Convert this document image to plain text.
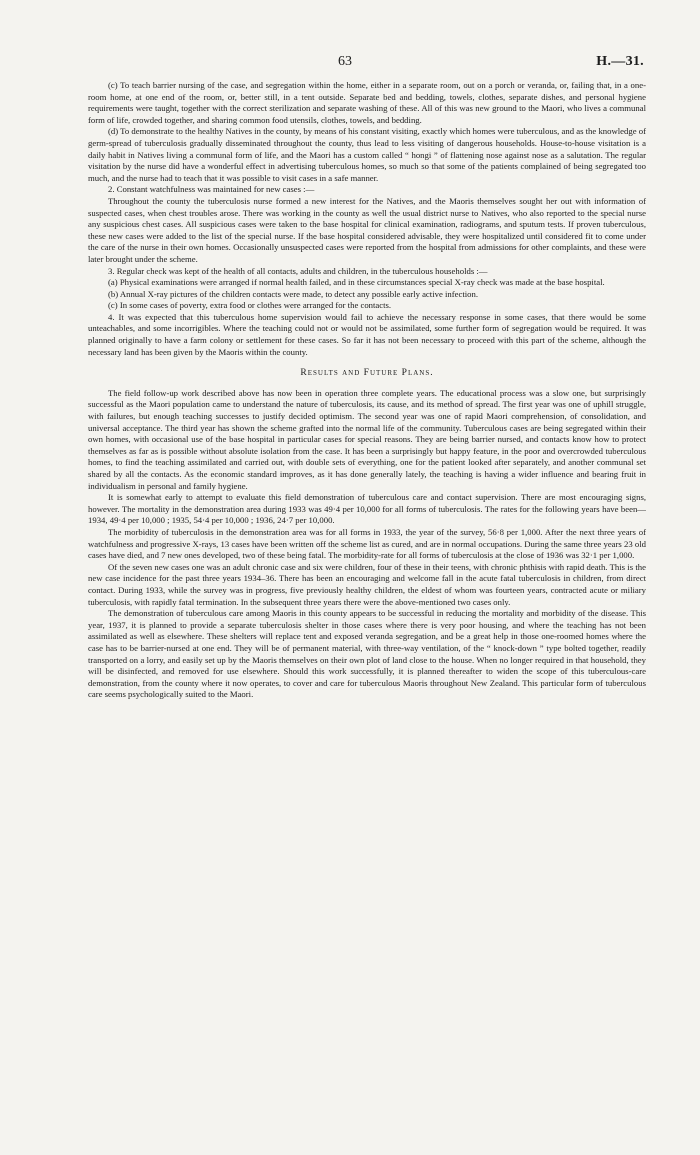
63	H.—31.

(c) To teach barrier nursing of the case, and segregation within the home, either in a separate room, out on a porch or veranda, or, failing that, in a one-room home, at one end of the room, or, better still, in a tent outside. Separate bed and bedding, towels, clothes, separate dishes, and personal hygiene requirements were taught, together with the correct sterilization and separate washing of these. All of this was new ground to the Maori, who lives a communal form of life, crowded together, and sharing common food utensils, clothes, towels, and bedding.

(d) To demonstrate to the healthy Natives in the county, by means of his constant visiting, exactly which homes were tuberculous, and as the knowledge of germ-spread of tuberculosis gradually disseminated throughout the county, thus lead to less visiting of dangerous households. House-to-house visitation is a daily habit in Natives living a communal form of life, and the Maori has a custom called “ hongi ” of flattening nose against nose as a salutation. The regular visitation by the nurse did have a wonderful effect in advertising tuberculous homes, so much so that some of the patients complained of being segregated too much, and the nurse had to teach that it was possible to visit cases in a safe manner.

2. Constant watchfulness was maintained for new cases :—

Throughout the county the tuberculosis nurse formed a new interest for the Natives, and the Maoris themselves sought her out with information of suspected cases, when chest troubles arose. There was working in the county as well the usual district nurse to Natives, who also reported to the special nurse any suspicious chest cases. All suspicious cases were taken to the base hospital for clinical examination, radiograms, and sputum tests. If proven tuberculous, these new cases were added to the list of the special nurse. If the base hospital considered advisable, they were hospitalized until considered fit to come under the care of the nurse in their own homes. Occasionally unsuspected cases were reported from the hospital from admissions for other complaints, and these were later brought under the scheme.

3. Regular check was kept of the health of all contacts, adults and children, in the tuberculous households :—

(a) Physical examinations were arranged if normal health failed, and in these circumstances special X-ray check was made at the base hospital.

(b) Annual X-ray pictures of the children contacts were made, to detect any possible early active infection.

(c) In some cases of poverty, extra food or clothes were arranged for the contacts.

4. It was expected that this tuberculous home supervision would fail to achieve the necessary response in some cases, that there would be some unteachables, and some incorrigibles. Where the teaching could not or would not be assimilated, some further form of segregation would be required. It was planned originally to have a farm colony or settlement for these cases. So far it has not been necessary to proceed with this part of the scheme, although the necessary land has been given by the Maoris within the county.

Results and Future Plans.

The field follow-up work described above has now been in operation three complete years. The educational process was a slow one, but surprisingly successful as the Maori population came to understand the nature of tuberculosis, its cause, and its method of spread. The first year was one of uphill struggle, with failures, but enough teaching successes to justify decided optimism. The second year was one of rapid Maori comprehension, of consolidation, and universal acceptance. The third year has shown the scheme grafted into the normal life of the community. Tuberculous cases are being segregated within their own homes, with occasional use of the base hospital in particular cases for special reasons. They are being barrier nursed, and contacts know how to protect themselves as far as is possible without absolute isolation from the case. It has been a surprisingly but happy feature, in the poor and overcrowded tuberculous homes, to find the teaching assimilated and carried out, with double sets of everything, one for the patient looked after separately, and another communal set shared by all the contacts. As the economic standard improves, as it has done generally lately, the teaching is having a wider influence and bearing fruit in individualism in personal and family hygiene.

It is somewhat early to attempt to evaluate this field demonstration of tuberculous care and contact supervision. There are most encouraging signs, however. The mortality in the demonstration area during 1933 was 49·4 per 10,000 for all forms of tuberculosis. The rates for the following years have been—1934, 49·4 per 10,000 ; 1935, 54·4 per 10,000 ; 1936, 24·7 per 10,000.

The morbidity of tuberculosis in the demonstration area was for all forms in 1933, the year of the survey, 56·8 per 1,000. After the next three years of watchfulness and progressive X-rays, 13 cases have been written off the scheme list as cured, and are in normal occupations. During the same three years 23 old cases have died, and 7 new ones developed, two of these being fatal. The morbidity-rate for all forms of tuberculosis at the close of 1936 was 32·1 per 1,000.

Of the seven new cases one was an adult chronic case and six were children, four of these in their teens, with chronic phthisis with rapid death. This is the new case incidence for the past three years 1934–36. There has been an encouraging and welcome fall in the acute fatal tuberculosis in children, from direct contact. During 1933, while the survey was in progress, five previously healthy children, the eldest of whom was fourteen years, contracted acute or miliary tuberculosis, with rapidly fatal termination. In the subsequent three years there were the above-mentioned two cases only.

The demonstration of tuberculous care among Maoris in this county appears to be successful in reducing the mortality and morbidity of the disease. This year, 1937, it is planned to provide a separate tuberculosis shelter in those cases where there is very poor housing, and where the teaching has not been assimilated as well as elsewhere. These shelters will replace tent and exposed veranda segregation, and be a great help in those one-roomed homes where the case has to be barrier-nursed at one end. They will be of permanent material, with three-way ventilation, of the “ knock-down ” type bolted together, readily transported on a lorry, and easily set up by the Maoris themselves on their own plot of land close to the house. When no longer required in that household, they will be disinfected, and removed for use elsewhere. Should this work successfully, it is planned thereafter to widen the scope of this tuberculous-care demonstration, from the county where it now operates, to cover and care for tuberculous Maoris throughout New Zealand. This particular form of tuberculous care seems psychologically suited to the Maori.
